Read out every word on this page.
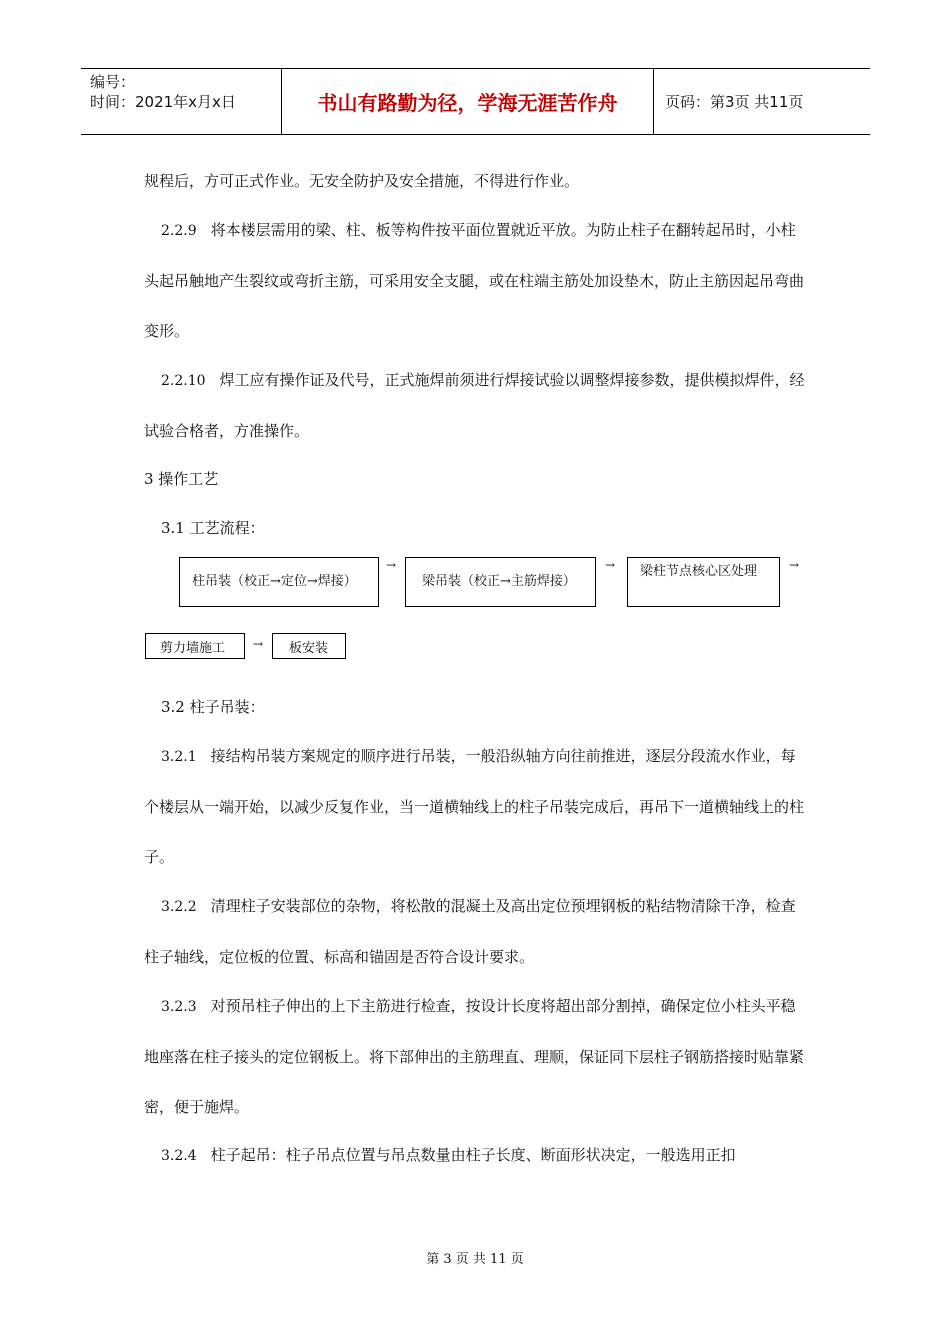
编号：
时间：2021年x月x日	书山有路勤为径，学海无涯苦作舟	页码：第3页 共11页

规程后，方可正式作业。无安全防护及安全措施，不得进行作业。

2.2.9 将本楼层需用的梁、柱、板等构件按平面位置就近平放。为防止柱子在翻转起吊时，小柱头起吊触地产生裂纹或弯折主筋，可采用安全支腿，或在柱端主筋处加设垫木，防止主筋因起吊弯曲变形。

2.2.10 焊工应有操作证及代号，正式施焊前须进行焊接试验以调整焊接参数，提供模拟焊件，经试验合格者，方准操作。

3 操作工艺
3.1 工艺流程：
柱吊装（校正→定位→焊接）
→
梁吊装（校正→主筋焊接）
→	梁柱节点核心区处理	→
剪力墙施工	→	板安装
3.2 柱子吊装：

3.2.1 接结构吊装方案规定的顺序进行吊装，一般沿纵轴方向往前推进，逐层分段流水作业，每个楼层从一端开始，以减少反复作业，当一道横轴线上的柱子吊装完成后，再吊下一道横轴线上的柱子。

3.2.2 清理柱子安装部位的杂物，将松散的混凝土及高出定位预埋钢板的粘结物清除干净，检查柱子轴线，定位板的位置、标高和锚固是否符合设计要求。

3.2.3 对预吊柱子伸出的上下主筋进行检查，按设计长度将超出部分割掉，确保定位小柱头平稳地座落在柱子接头的定位钢板上。将下部伸出的主筋理直、理顺，保证同下层柱子钢筋搭接时贴靠紧密，便于施焊。

3.2.4 柱子起吊：柱子吊点位置与吊点数量由柱子长度、断面形状决定，一般选用正扣

第 3 页 共 11 页
